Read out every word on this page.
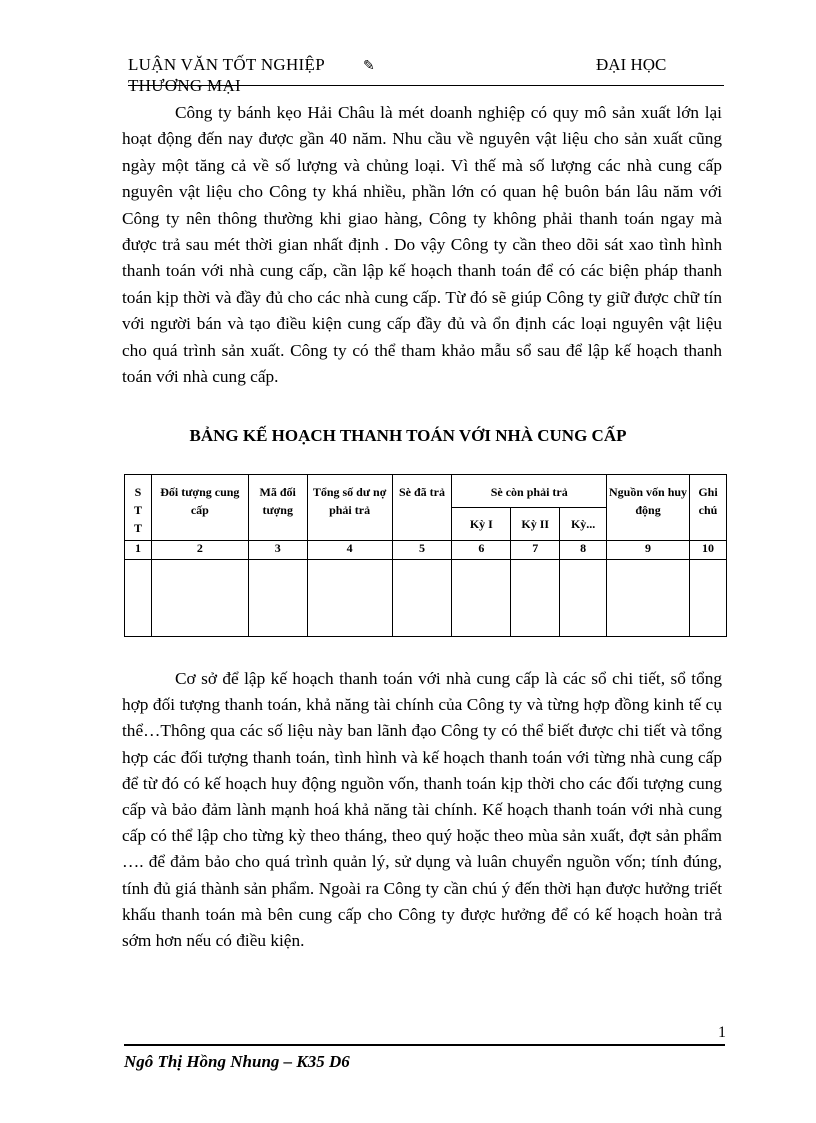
LUẬN VĂN TỐT NGHIỆP	✎	ĐẠI HỌC
THƯƠNG MẠI

Công ty bánh kẹo Hải Châu là mét doanh nghiệp có quy mô sản xuất lớn lại hoạt động đến nay được gần 40 năm. Nhu cầu về nguyên vật liệu cho sản xuất cũng ngày một tăng cả về số lượng và chủng loại. Vì thế mà số lượng các nhà cung cấp nguyên vật liệu cho Công ty khá nhiều, phần lớn có quan hệ buôn bán lâu năm với Công ty nên thông thường khi giao hàng, Công ty không phải thanh toán ngay mà được trả sau mét thời gian nhất định . Do vậy Công ty cần theo dõi sát xao tình hình thanh toán với nhà cung cấp, cần lập kế hoạch thanh toán để có các biện pháp thanh toán kịp thời và đầy đủ cho các nhà cung cấp. Từ đó sẽ giúp Công ty giữ được chữ tín với người bán và tạo điều kiện cung cấp đầy đủ và ổn định các loại nguyên vật liệu cho quá trình sản xuất. Công ty có thể tham khảo mẫu sổ sau để lập kế hoạch thanh toán với nhà cung cấp.

BẢNG KẾ HOẠCH THANH TOÁN VỚI NHÀ CUNG CẤP
S
T
T	Đối tượng cung cấp	Mã đối tượng	Tổng số dư nợ phải trả	Sè đã trả	Sè còn phải trả			Nguồn vốn huy động	Ghi chú
					Kỳ I	Kỳ II	Kỳ...		
1	2	3	4	5	6	7	8	9	10

Cơ sở để lập kế hoạch thanh toán với nhà cung cấp là các sổ chi tiết, sổ tổng hợp đối tượng thanh toán, khả năng tài chính của Công ty và từng hợp đồng kinh tế cụ thể…Thông qua các số liệu này ban lãnh đạo Công ty có thể biết được chi tiết và tổng hợp các đối tượng thanh toán, tình hình và kế hoạch thanh toán với từng nhà cung cấp để từ đó có kế hoạch huy động nguồn vốn, thanh toán kịp thời cho các đối tượng cung cấp và bảo đảm lành mạnh hoá khả năng tài chính. Kế hoạch thanh toán với nhà cung cấp có thể lập cho từng kỳ theo tháng, theo quý hoặc theo mùa sản xuất, đợt sản phẩm …. để đảm bảo cho quá trình quản lý, sử dụng và luân chuyển nguồn vốn; tính đúng, tính đủ giá thành sản phẩm. Ngoài ra Công ty cần chú ý đến thời hạn được hưởng triết khấu thanh toán mà bên cung cấp cho Công ty được hưởng để có kế hoạch hoàn trả sớm hơn nếu có điều kiện.

1
Ngô Thị Hồng Nhung – K35 D6
